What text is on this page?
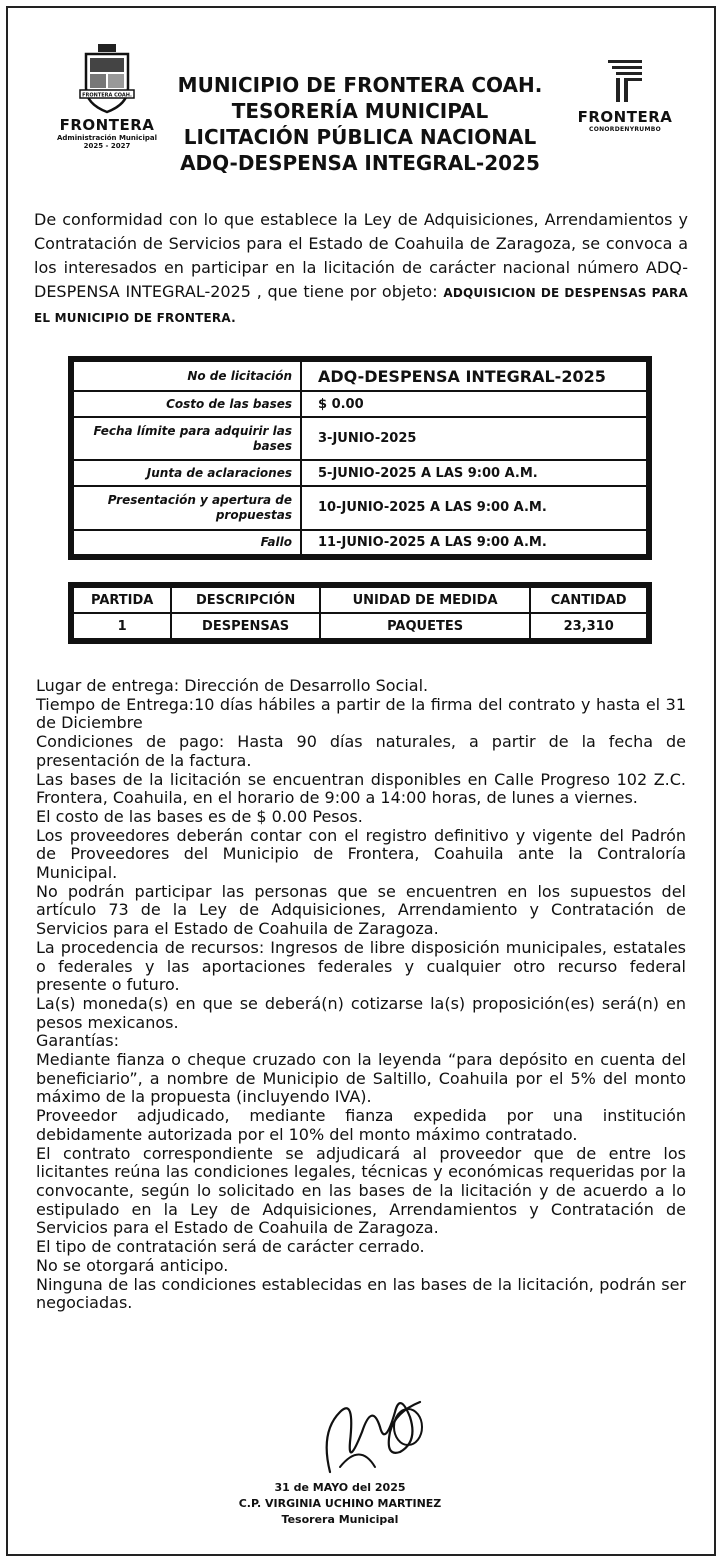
FRONTERA COAH.
FRONTERA
Administración Municipal
2025 - 2027
MUNICIPIO DE FRONTERA COAH.
TESORERÍA MUNICIPAL
LICITACIÓN PÚBLICA NACIONAL
ADQ-DESPENSA INTEGRAL-2025
FRONTERA
CONORDENYRUMBO
De conformidad con lo que establece la Ley de Adquisiciones, Arrendamientos y Contratación de Servicios para el Estado de Coahuila de Zaragoza, se convoca a los interesados en participar en la licitación de carácter nacional número ADQ-DESPENSA INTEGRAL-2025 , que tiene por objeto: ADQUISICION DE DESPENSAS PARA EL MUNICIPIO DE FRONTERA.
No de licitación	ADQ-DESPENSA INTEGRAL-2025
Costo de las bases	$ 0.00
Fecha límite para adquirir las bases	3-JUNIO-2025
Junta de aclaraciones	5-JUNIO-2025 A LAS 9:00 A.M.
Presentación y apertura de propuestas	10-JUNIO-2025 A LAS 9:00 A.M.
Fallo	11-JUNIO-2025 A LAS 9:00 A.M.
PARTIDA	DESCRIPCIÓN	UNIDAD DE MEDIDA	CANTIDAD
1	DESPENSAS	PAQUETES	23,310

Lugar de entrega: Dirección de Desarrollo Social.

Tiempo de Entrega:10 días hábiles a partir de la firma del contrato y hasta el 31 de Diciembre

Condiciones de pago: Hasta 90 días naturales, a partir de la fecha de presentación de la factura.

Las bases de la licitación se encuentran disponibles en Calle Progreso 102 Z.C. Frontera, Coahuila, en el horario de 9:00 a 14:00 horas, de lunes a viernes.

El costo de las bases es de $ 0.00 Pesos.

Los proveedores deberán contar con el registro definitivo y vigente del Padrón de Proveedores del Municipio de Frontera, Coahuila ante la Contraloría Municipal.

No podrán participar las personas que se encuentren en los supuestos del artículo 73 de la Ley de Adquisiciones, Arrendamiento y Contratación de Servicios para el Estado de Coahuila de Zaragoza.

La procedencia de recursos: Ingresos de libre disposición municipales, estatales o federales y las aportaciones federales y cualquier otro recurso federal presente o futuro.

La(s) moneda(s) en que se deberá(n) cotizarse la(s) proposición(es) será(n) en pesos mexicanos.

Garantías:

Mediante fianza o cheque cruzado con la leyenda “para depósito en cuenta del beneficiario”, a nombre de Municipio de Saltillo, Coahuila por el 5% del monto máximo de la propuesta (incluyendo IVA).

Proveedor adjudicado, mediante fianza expedida por una institución debidamente autorizada por el 10% del monto máximo contratado.

El contrato correspondiente se adjudicará al proveedor que de entre los licitantes reúna las condiciones legales, técnicas y económicas requeridas por la convocante, según lo solicitado en las bases de la licitación y de acuerdo a lo estipulado en la Ley de Adquisiciones, Arrendamientos y Contratación de Servicios para el Estado de Coahuila de Zaragoza.

El tipo de contratación será de carácter cerrado.

No se otorgará anticipo.

Ninguna de las condiciones establecidas en las bases de la licitación, podrán ser negociadas.

31 de MAYO del 2025
C.P. VIRGINIA UCHINO MARTINEZ
Tesorera Municipal
